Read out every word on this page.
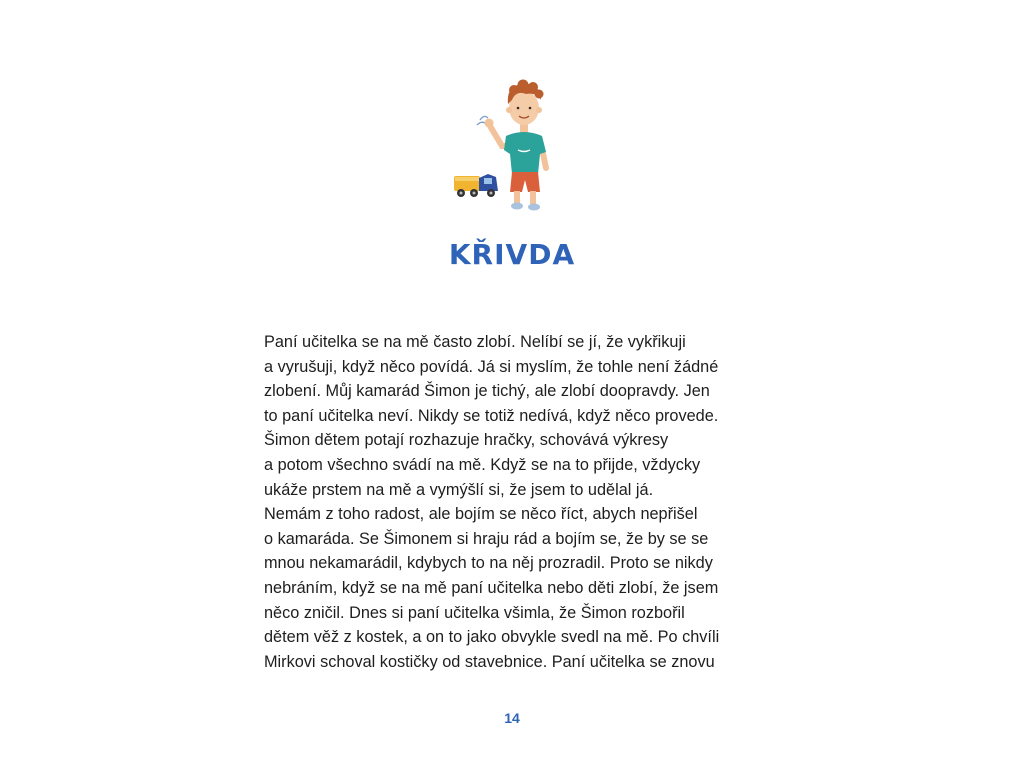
KŘIVDA
Paní učitelka se na mě často zlobí. Nelíbí se jí, že vykřikuji
a vyrušuji, když něco povídá. Já si myslím, že tohle není žádné
zlobení. Můj kamarád Šimon je tichý, ale zlobí doopravdy. Jen
to paní učitelka neví. Nikdy se totiž nedívá, když něco provede.
Šimon dětem potají rozhazuje hračky, schovává výkresy
a potom všechno svádí na mě. Když se na to přijde, vždycky
ukáže prstem na mě a vymýšlí si, že jsem to udělal já.
Nemám z toho radost, ale bojím se něco říct, abych nepřišel
o kamaráda. Se Šimonem si hraju rád a bojím se, že by se se
mnou nekamarádil, kdybych to na něj prozradil. Proto se nikdy
nebráním, když se na mě paní učitelka nebo děti zlobí, že jsem
něco zničil. Dnes si paní učitelka všimla, že Šimon rozbořil
dětem věž z kostek, a on to jako obvykle svedl na mě. Po chvíli
Mirkovi schoval kostičky od stavebnice. Paní učitelka se znovu
14
